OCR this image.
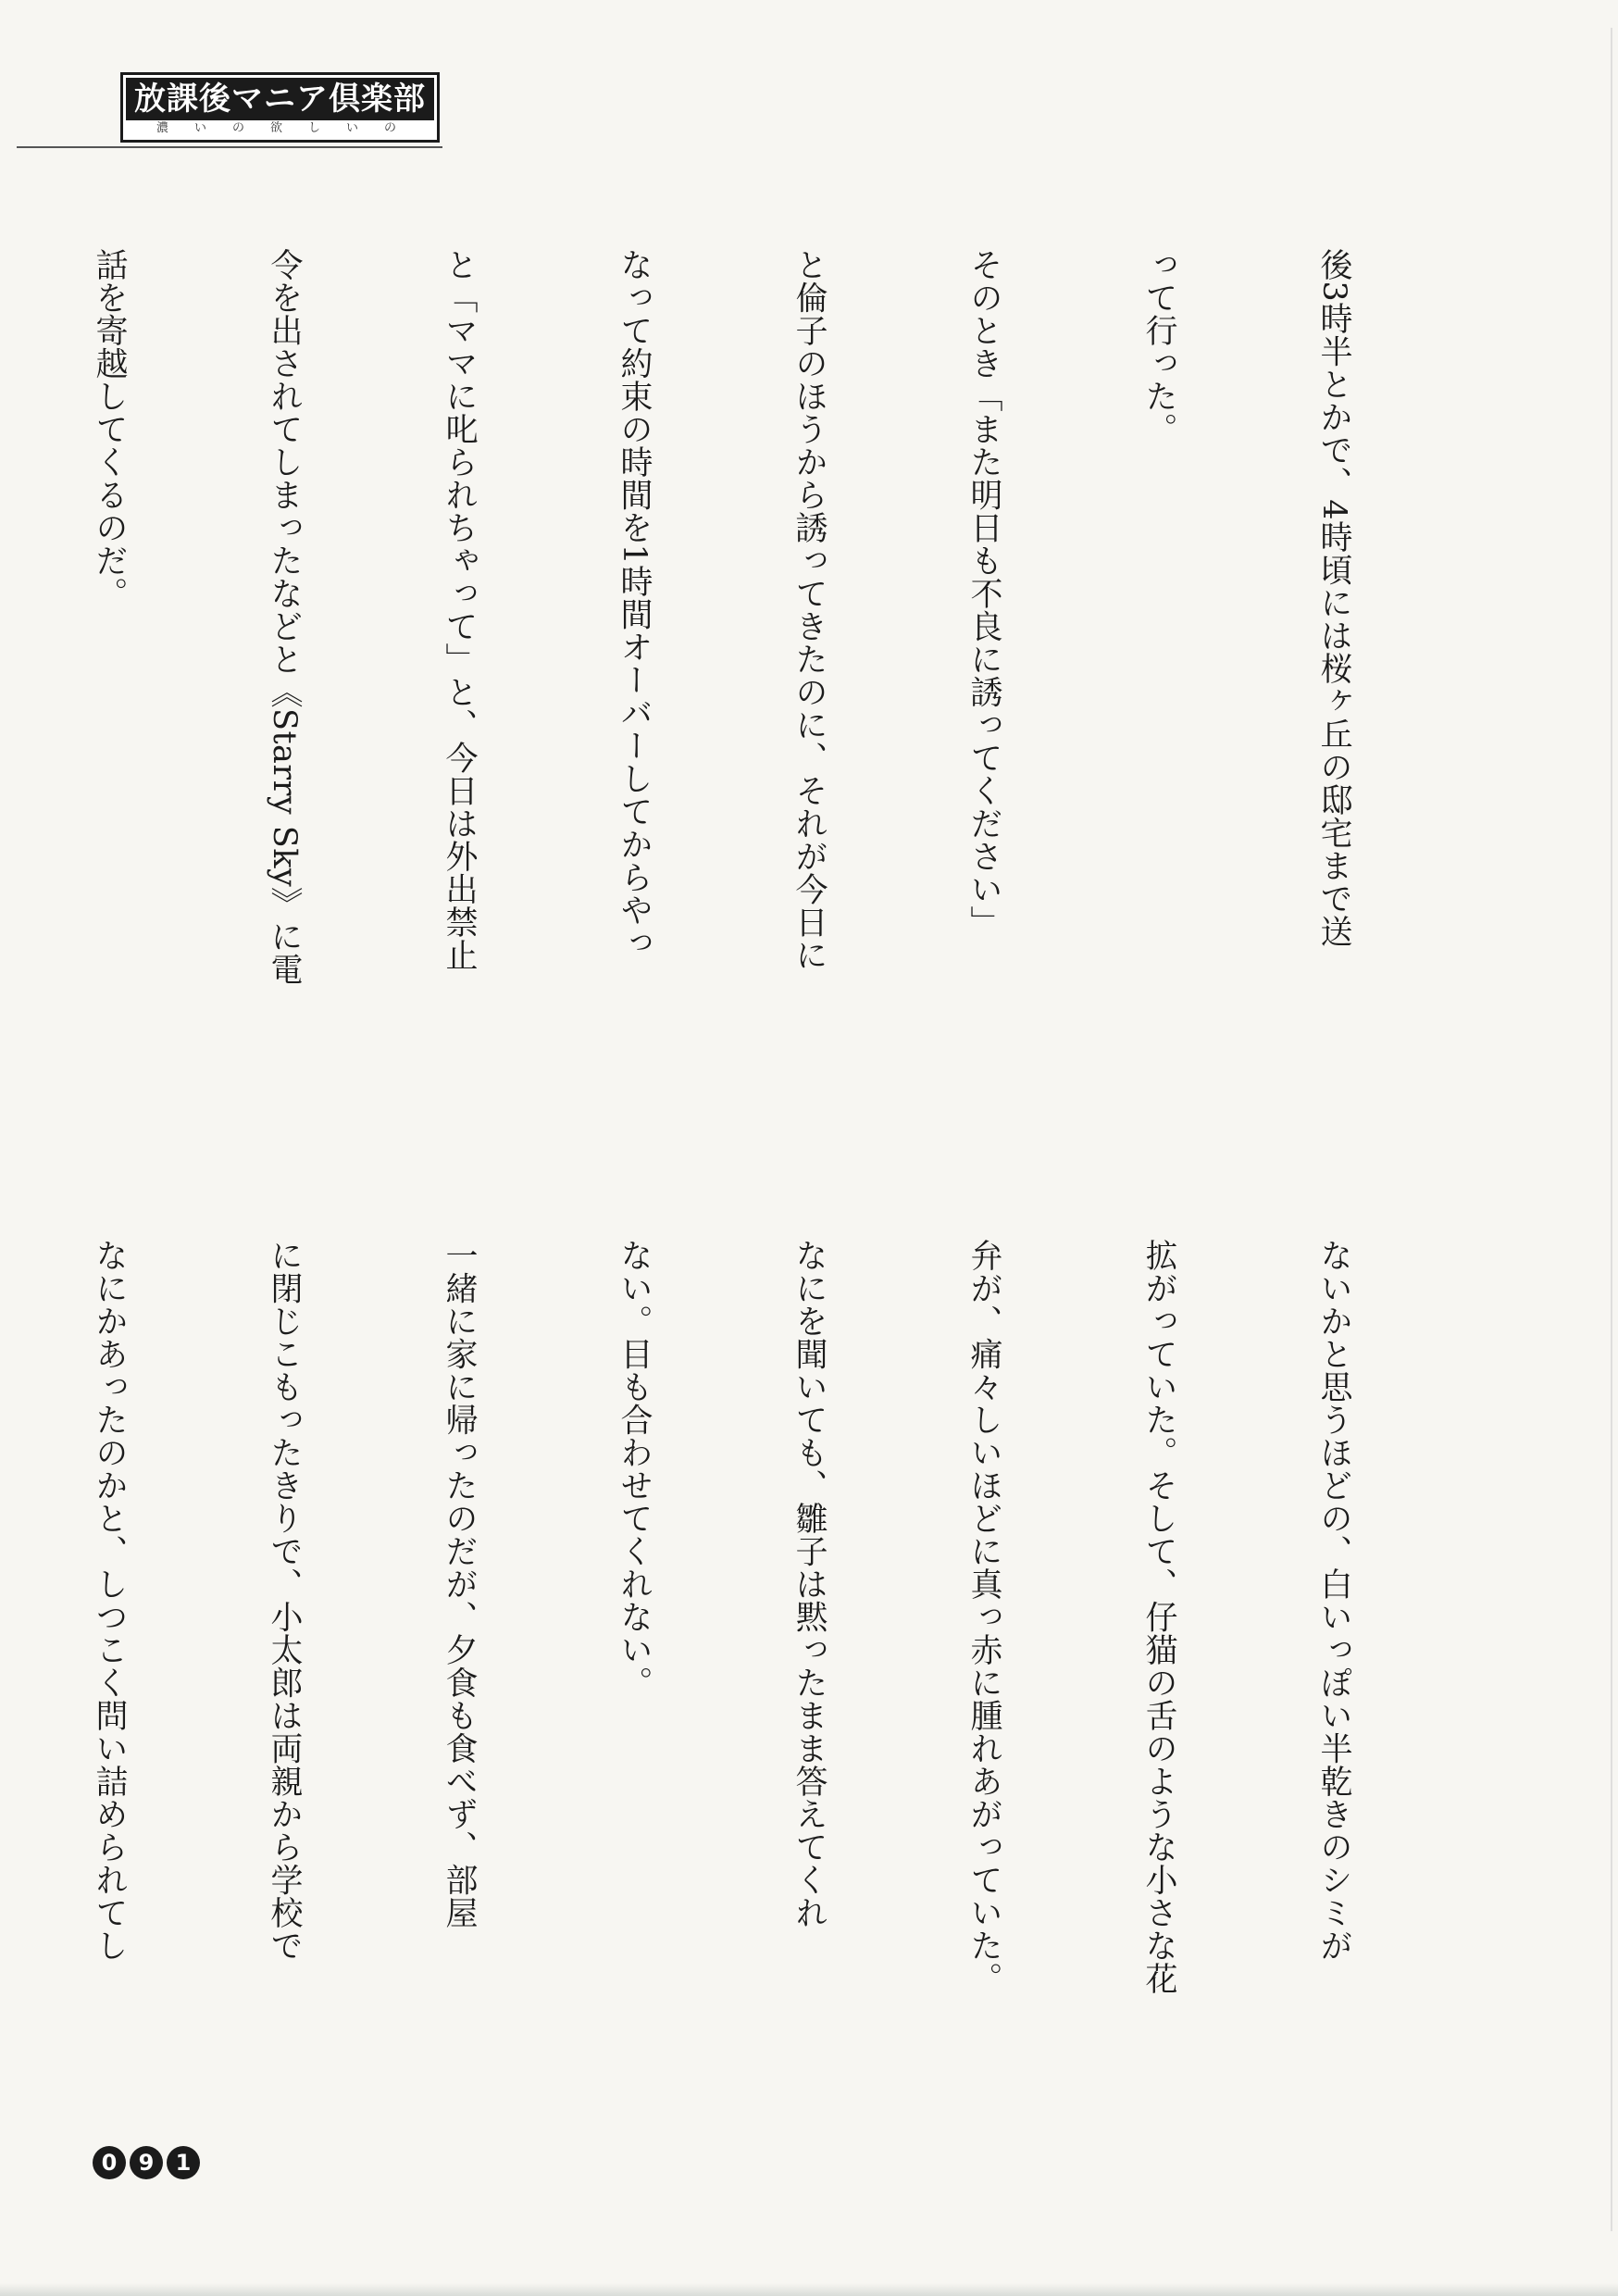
放課後マニア倶楽部
濃いの欲しいの

後3時半とかで、4時頃には桜ヶ丘の邸宅まで送

って行った。

そのとき「また明日も不良に誘ってください」

と倫子のほうから誘ってきたのに、それが今日に

なって約束の時間を1時間オーバーしてからやっ

と「ママに叱られちゃって」と、今日は外出禁止

令を出されてしまったなどと《Starry Sky》に電

話を寄越してくるのだ。

ないかと思うほどの、白いっぽい半乾きのシミが

拡がっていた。そして、仔猫の舌のような小さな花

弁が、痛々しいほどに真っ赤に腫れあがっていた。

なにを聞いても、雛子は黙ったまま答えてくれ

ない。目も合わせてくれない。

一緒に家に帰ったのだが、夕食も食べず、部屋

に閉じこもったきりで、小太郎は両親から学校で

なにかあったのかと、しつこく問い詰められてし

0 9 1
